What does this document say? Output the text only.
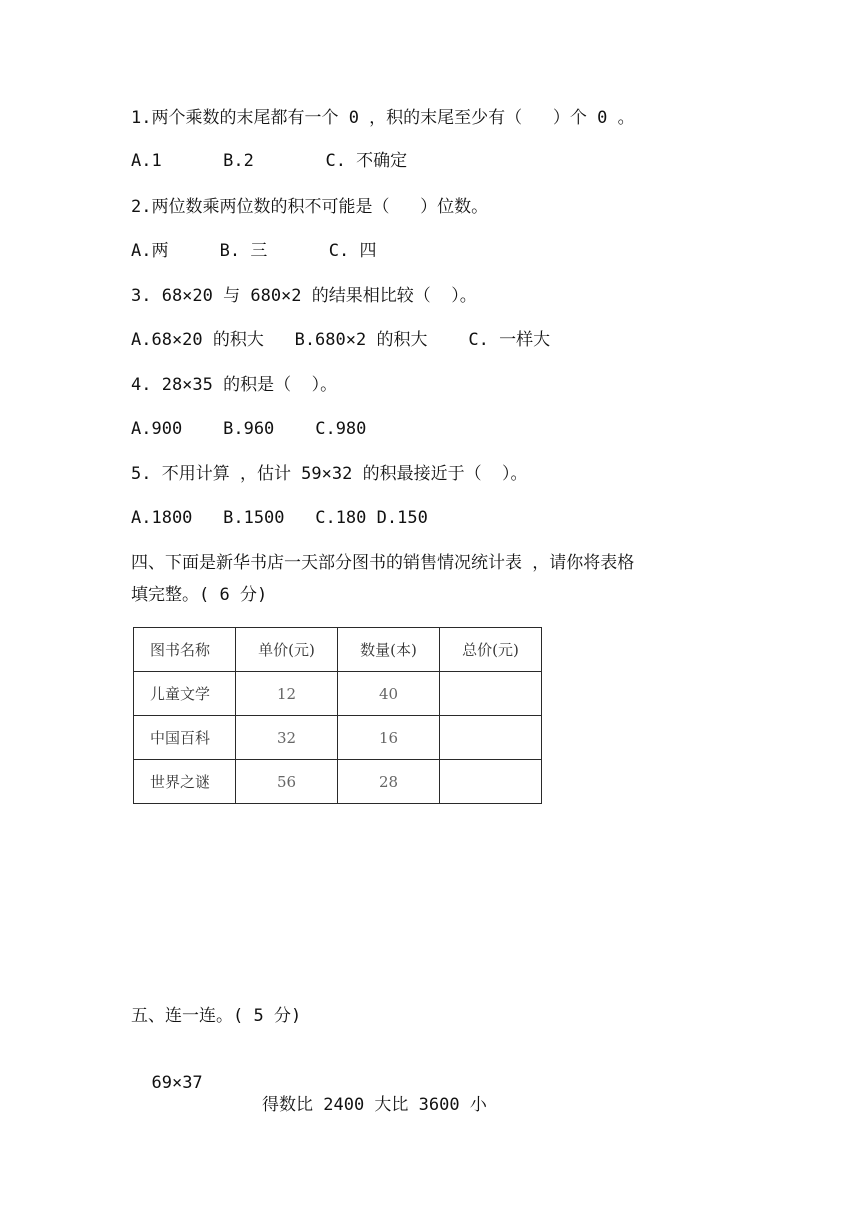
1.两个乘数的末尾都有一个 0 ，积的末尾至少有（   ）个 0 。
A.1      B.2       C. 不确定
2.两位数乘两位数的积不可能是（   ）位数。
A.两     B. 三      C. 四
3. 68×20 与 680×2 的结果相比较（  ）。
A.68×20 的积大   B.680×2 的积大    C. 一样大
4. 28×35 的积是（  ）。
A.900    B.960    C.980
5. 不用计算 ，估计 59×32 的积最接近于（  ）。
A.1800   B.1500   C.180 D.150
四、下面是新华书店一天部分图书的销售情况统计表 ，请你将表格
填完整。( 6 分)
图书名称	单价(元)	数量(本)	总价(元)
儿童文学	12	40	
中国百科	32	16	
世界之谜	56	28	
五、连一连。( 5 分)

69×37

得数比 2400 大比 3600 小
